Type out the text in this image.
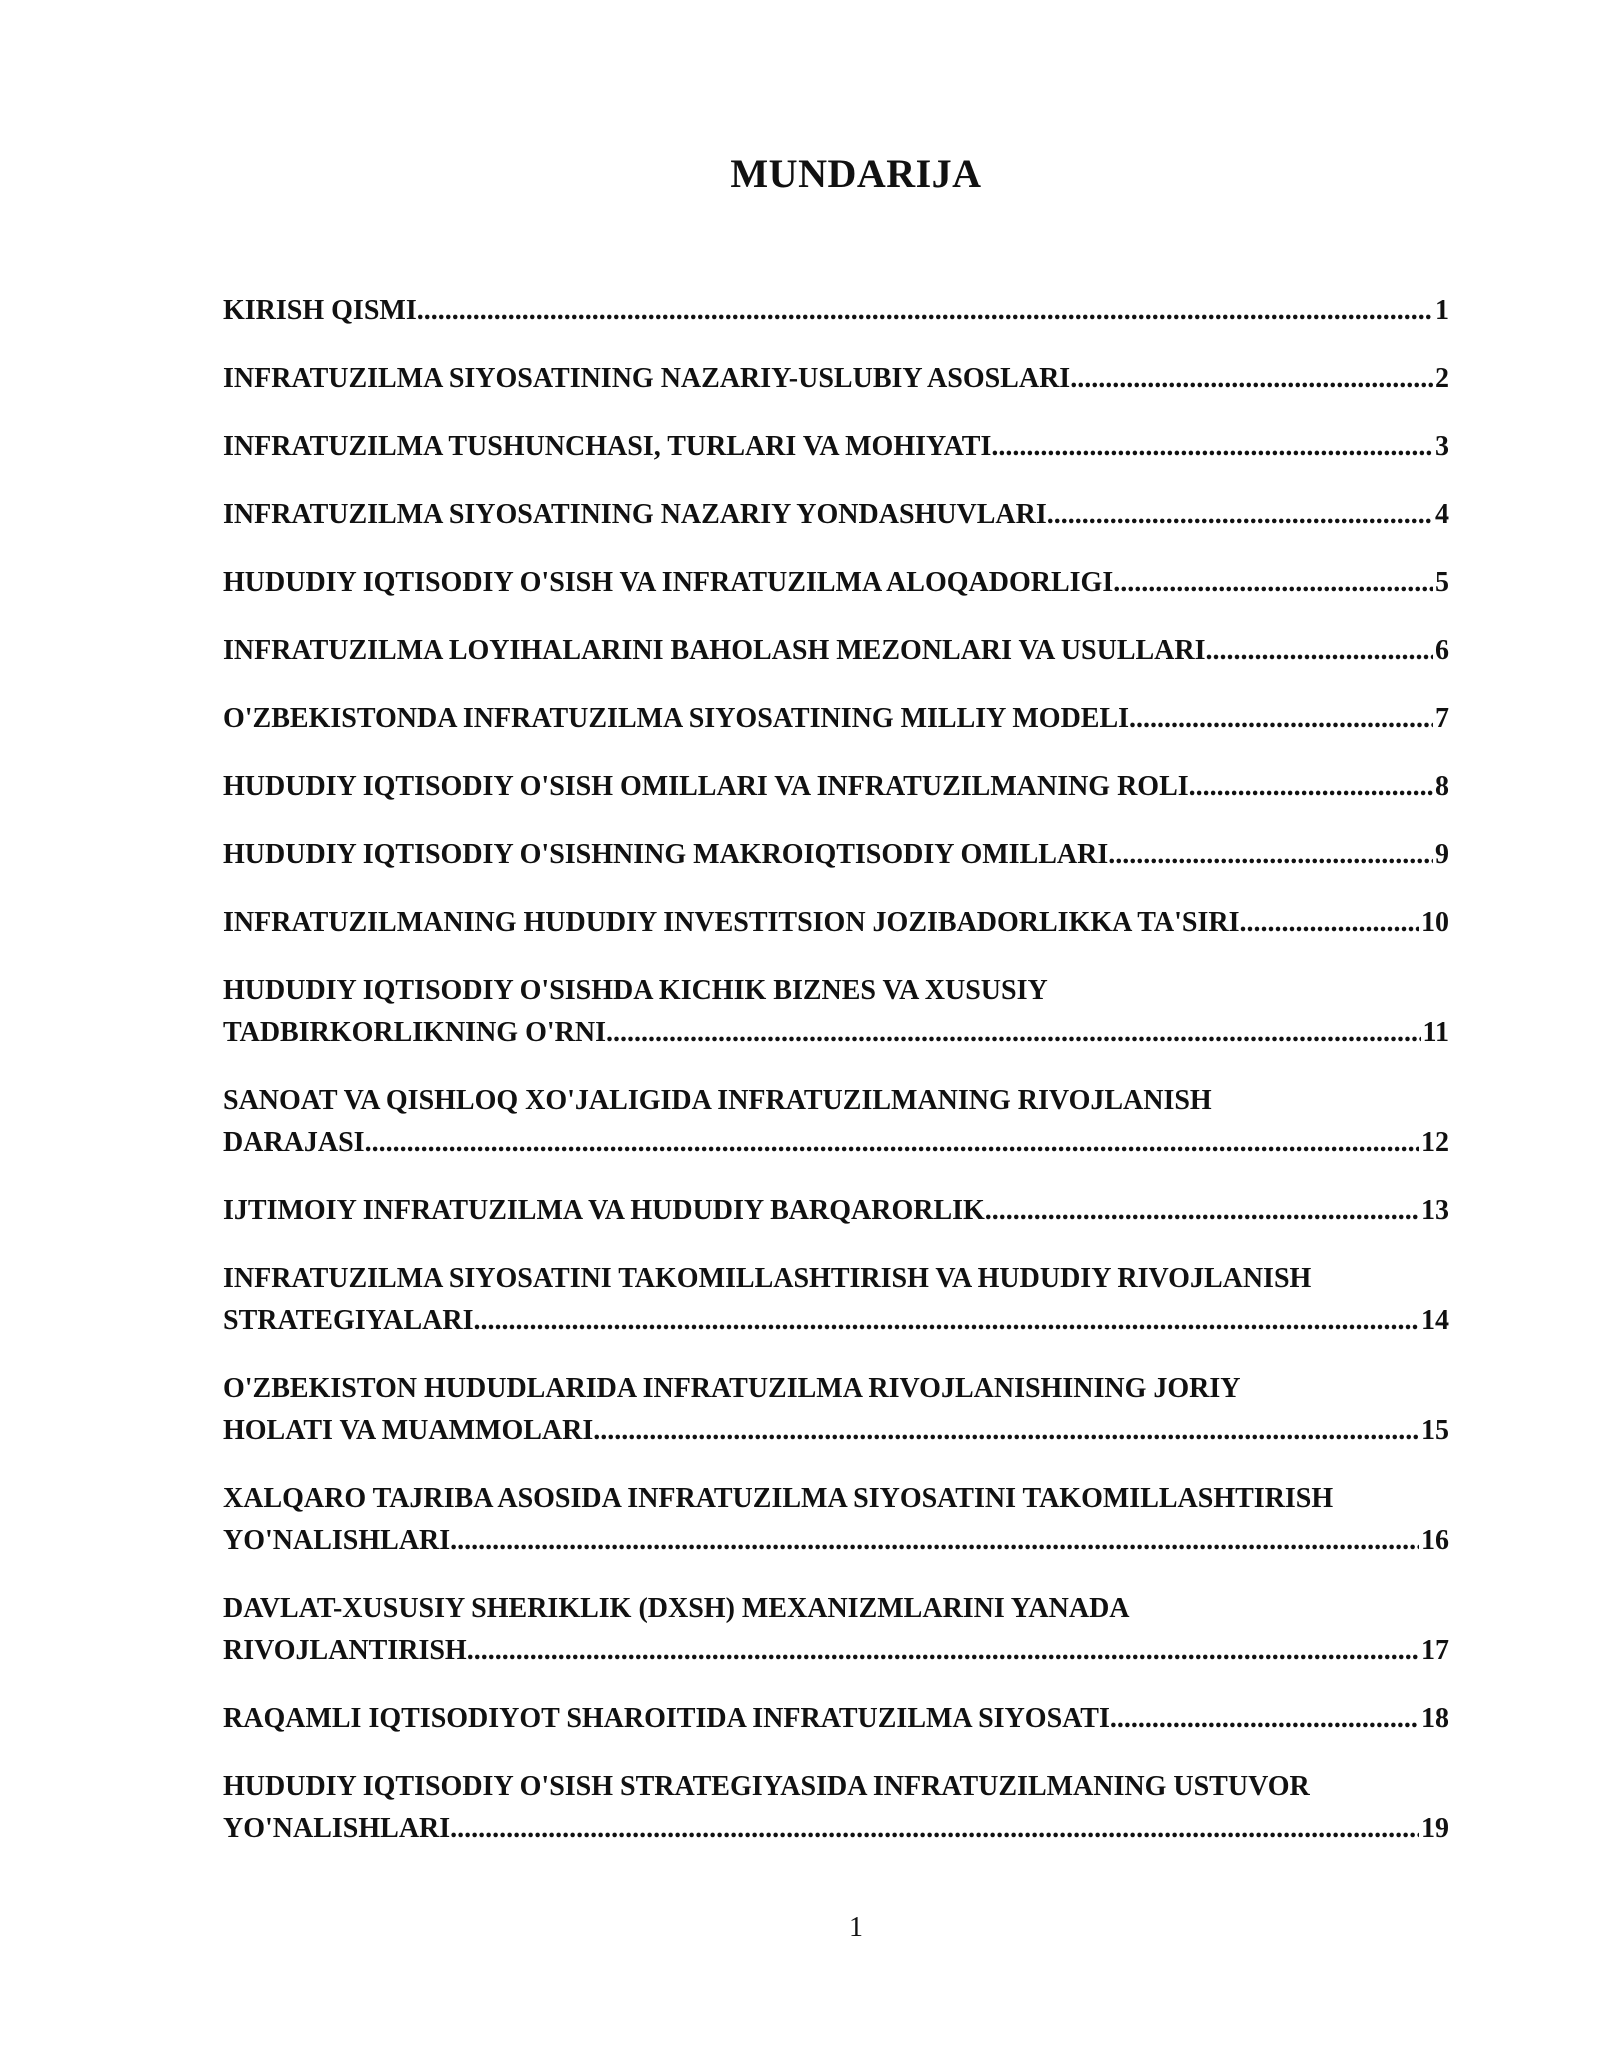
MUNDARIJA
KIRISH QISMI .....	1
INFRATUZILMA SIYOSATINING NAZARIY-USLUBIY ASOSLARI .....	2
INFRATUZILMA TUSHUNCHASI, TURLARI VA MOHIYATI .....	3
INFRATUZILMA SIYOSATINING NAZARIY YONDASHUVLARI .....	4
HUDUDIY IQTISODIY O'SISH VA INFRATUZILMA ALOQADORLIGI .....	5
INFRATUZILMA LOYIHALARINI BAHOLASH MEZONLARI VA USULLARI .....	6
O'ZBEKISTONDA INFRATUZILMA SIYOSATINING MILLIY MODELI .....	7
HUDUDIY IQTISODIY O'SISH OMILLARI VA INFRATUZILMANING ROLI .....	8
HUDUDIY IQTISODIY O'SISHNING MAKROIQTISODIY OMILLARI .....	9
INFRATUZILMANING HUDUDIY INVESTITSION JOZIBADORLIKKA TA'SIRI .....	10
HUDUDIY IQTISODIY O'SISHDA KICHIK BIZNES VA XUSUSIY
TADBIRKORLIKNING O'RNI .....	11
SANOAT VA QISHLOQ XO'JALIGIDA INFRATUZILMANING RIVOJLANISH
DARAJASI .....	12
IJTIMOIY INFRATUZILMA VA HUDUDIY BARQARORLIK .....	13
INFRATUZILMA SIYOSATINI TAKOMILLASHTIRISH VA HUDUDIY RIVOJLANISH
STRATEGIYALARI .....	14
O'ZBEKISTON HUDUDLARIDA INFRATUZILMA RIVOJLANISHINING JORIY
HOLATI VA MUAMMOLARI .....	15
XALQARO TAJRIBA ASOSIDA INFRATUZILMA SIYOSATINI TAKOMILLASHTIRISH
YO'NALISHLARI .....	16
DAVLAT-XUSUSIY SHERIKLIK (DXSH) MEXANIZMLARINI YANADA
RIVOJLANTIRISH .....	17
RAQAMLI IQTISODIYOT SHAROITIDA INFRATUZILMA SIYOSATI .....	18
HUDUDIY IQTISODIY O'SISH STRATEGIYASIDA INFRATUZILMANING USTUVOR
YO'NALISHLARI .....	19
1
